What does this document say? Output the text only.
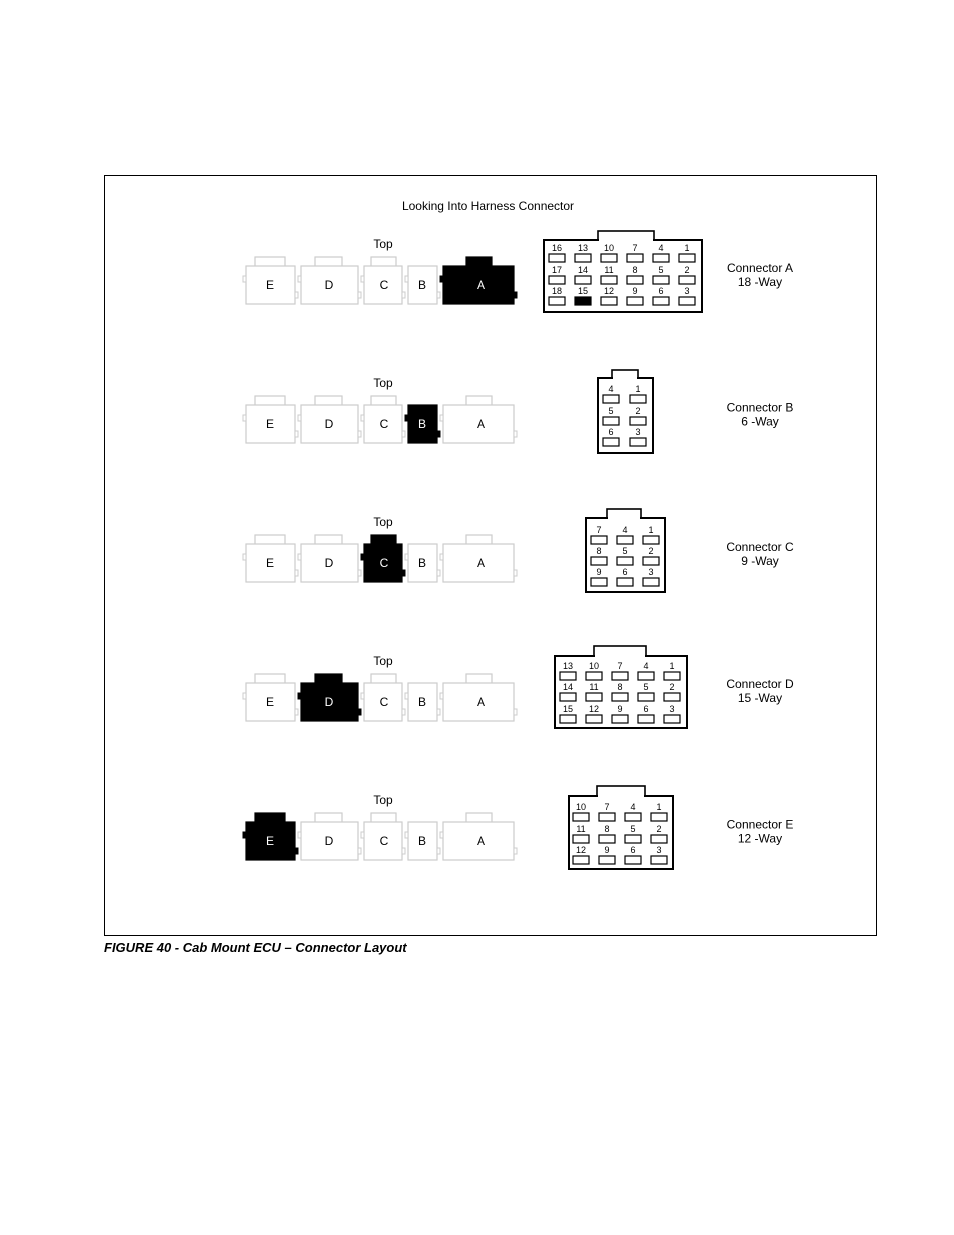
Looking Into Harness Connector
Top
E	D	C B	A
16 13 10 7 4 1
17 14 11 8 5 2
18 15 12 9 6 3
Connector A
18 -Way
Top
E	D	C B	A
4 1
5 2
6 3
Connector B
6 -Way
Top
E	D	C B	A
7 4 1
8 5 2
9 6 3
Connector C
9 -Way
Top
E	D	C B	A
13 10 7 4 1
14 11 8 5 2
15 12 9 6 3
Connector D
15 -Way
Top
E	D	C B	A
10 7 4 1
11 8 5 2
12 9 6 3
Connector E
12 -Way
FIGURE 40 - Cab Mount ECU – Connector Layout
